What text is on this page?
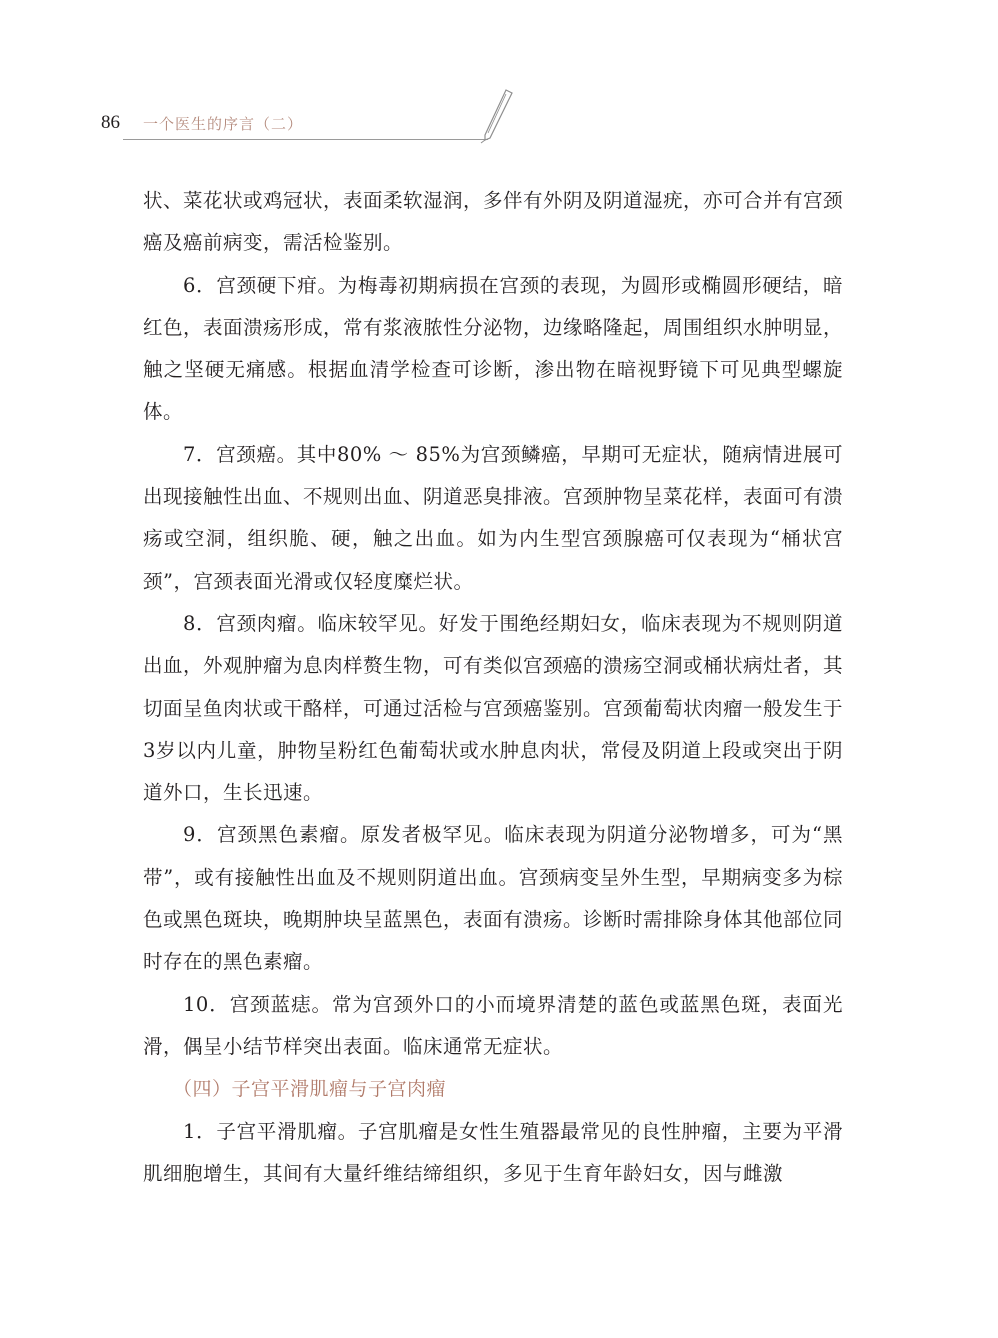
86 一个医生的序言（二）

状、菜花状或鸡冠状，表面柔软湿润，多伴有外阴及阴道湿疣，亦可合并有宫颈癌及癌前病变，需活检鉴别。

6．宫颈硬下疳。为梅毒初期病损在宫颈的表现，为圆形或椭圆形硬结，暗红色，表面溃疡形成，常有浆液脓性分泌物，边缘略隆起，周围组织水肿明显，触之坚硬无痛感。根据血清学检查可诊断，渗出物在暗视野镜下可见典型螺旋体。

7．宫颈癌。其中80% ～ 85%为宫颈鳞癌，早期可无症状，随病情进展可出现接触性出血、不规则出血、阴道恶臭排液。宫颈肿物呈菜花样，表面可有溃疡或空洞，组织脆、硬，触之出血。如为内生型宫颈腺癌可仅表现为“桶状宫颈”，宫颈表面光滑或仅轻度糜烂状。

8．宫颈肉瘤。临床较罕见。好发于围绝经期妇女，临床表现为不规则阴道出血，外观肿瘤为息肉样赘生物，可有类似宫颈癌的溃疡空洞或桶状病灶者，其切面呈鱼肉状或干酪样，可通过活检与宫颈癌鉴别。宫颈葡萄状肉瘤一般发生于3岁以内儿童，肿物呈粉红色葡萄状或水肿息肉状，常侵及阴道上段或突出于阴道外口，生长迅速。

9．宫颈黑色素瘤。原发者极罕见。临床表现为阴道分泌物增多，可为“黑带”，或有接触性出血及不规则阴道出血。宫颈病变呈外生型，早期病变多为棕色或黑色斑块，晚期肿块呈蓝黑色，表面有溃疡。诊断时需排除身体其他部位同时存在的黑色素瘤。

10．宫颈蓝痣。常为宫颈外口的小而境界清楚的蓝色或蓝黑色斑，表面光滑，偶呈小结节样突出表面。临床通常无症状。

（四）子宫平滑肌瘤与子宫肉瘤

1．子宫平滑肌瘤。子宫肌瘤是女性生殖器最常见的良性肿瘤，主要为平滑肌细胞增生，其间有大量纤维结缔组织，多见于生育年龄妇女，因与雌激
